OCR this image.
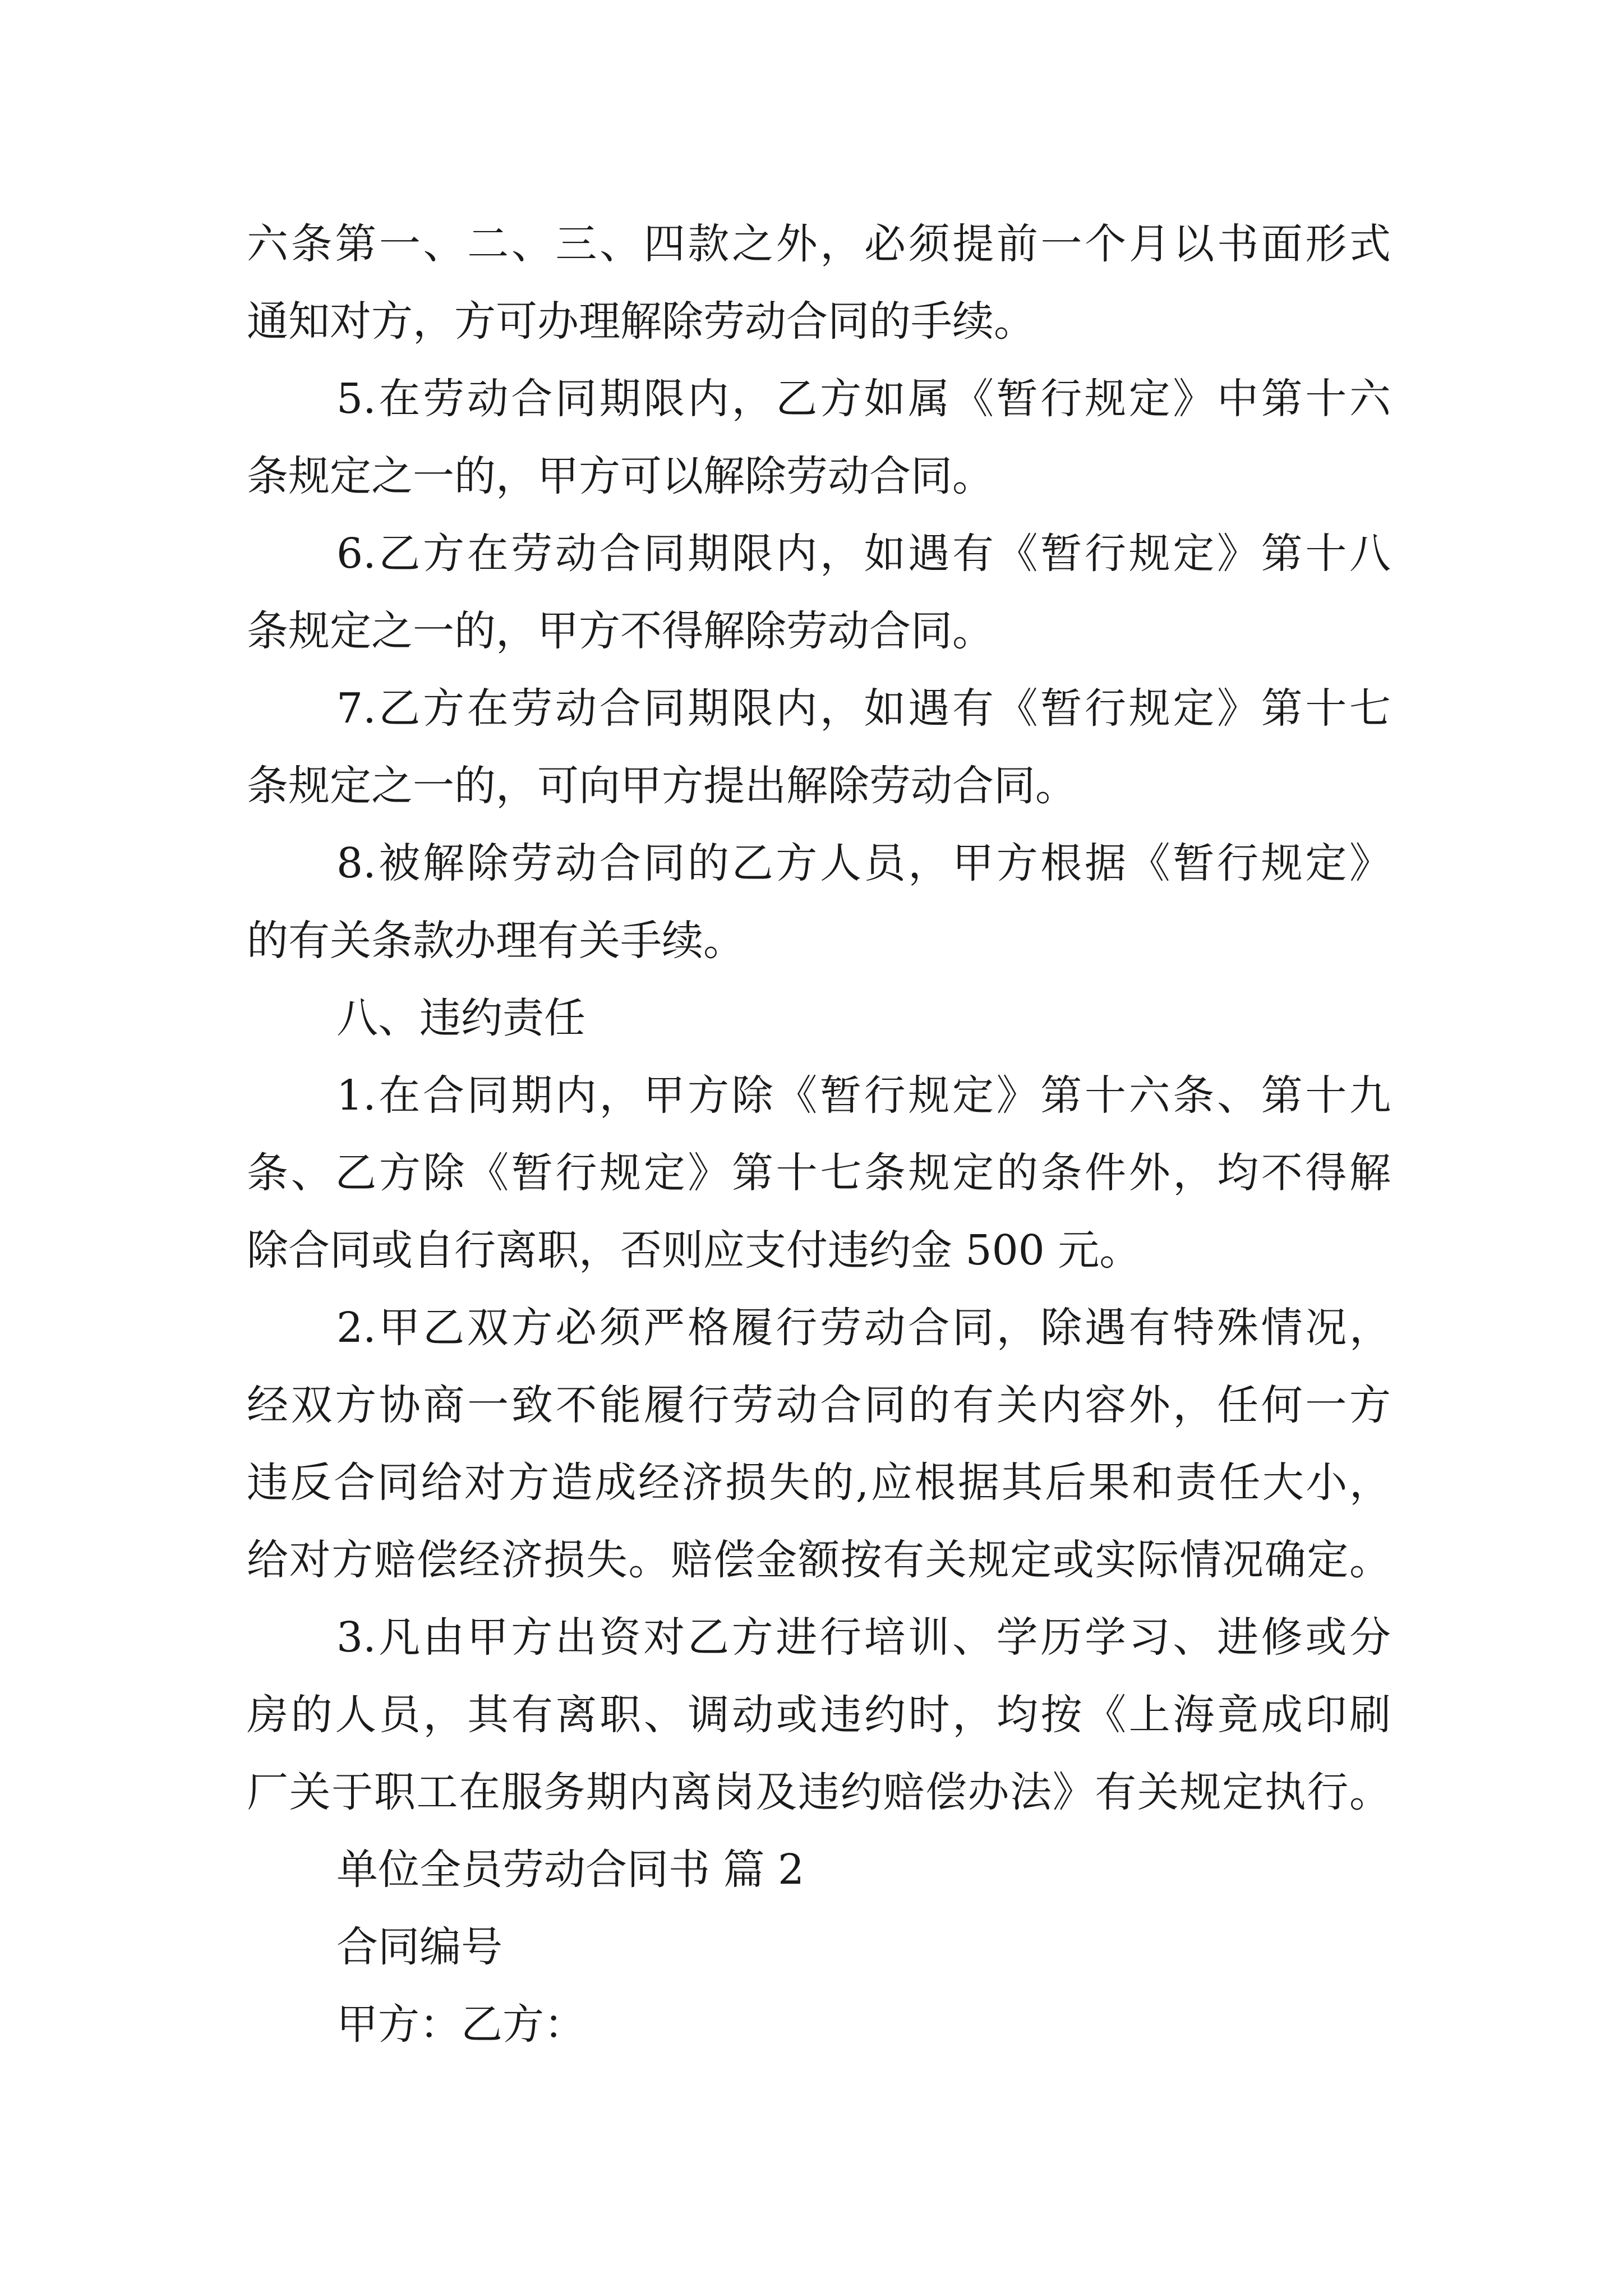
六条第一、二、三、四款之外，必须提前一个月以书面形式
通知对方，方可办理解除劳动合同的手续。
5.在劳动合同期限内，乙方如属《暂行规定》中第十六
条规定之一的，甲方可以解除劳动合同。
6.乙方在劳动合同期限内，如遇有《暂行规定》第十八
条规定之一的，甲方不得解除劳动合同。
7.乙方在劳动合同期限内，如遇有《暂行规定》第十七
条规定之一的，可向甲方提出解除劳动合同。
8.被解除劳动合同的乙方人员，甲方根据《暂行规定》
的有关条款办理有关手续。
八、违约责任
1.在合同期内，甲方除《暂行规定》第十六条、第十九
条、乙方除《暂行规定》第十七条规定的条件外，均不得解
除合同或自行离职，否则应支付违约金 500 元。
2.甲乙双方必须严格履行劳动合同，除遇有特殊情况，
经双方协商一致不能履行劳动合同的有关内容外，任何一方
违反合同给对方造成经济损失的,应根据其后果和责任大小，
给对方赔偿经济损失。赔偿金额按有关规定或实际情况确定。
3.凡由甲方出资对乙方进行培训、学历学习、进修或分
房的人员，其有离职、调动或违约时，均按《上海竟成印刷
厂关于职工在服务期内离岗及违约赔偿办法》有关规定执行。
单位全员劳动合同书 篇 2
合同编号
甲方：乙方：
